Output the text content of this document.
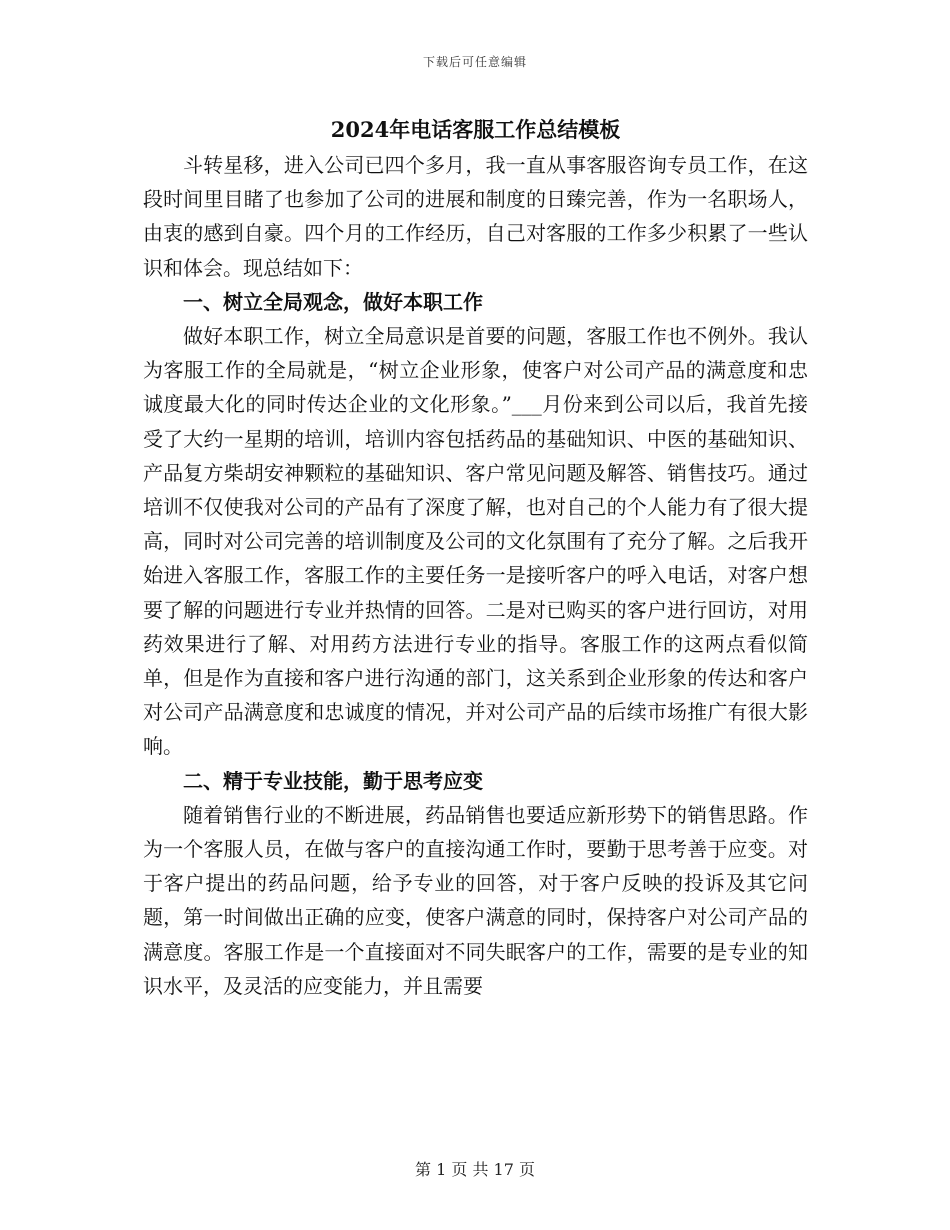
下载后可任意编辑
2024年电话客服工作总结模板

斗转星移，进入公司已四个多月，我一直从事客服咨询专员工作，在这段时间里目睹了也参加了公司的进展和制度的日臻完善，作为一名职场人，由衷的感到自豪。四个月的工作经历，自己对客服的工作多少积累了一些认识和体会。现总结如下：

一、树立全局观念，做好本职工作

做好本职工作，树立全局意识是首要的问题，客服工作也不例外。我认为客服工作的全局就是，“树立企业形象，使客户对公司产品的满意度和忠诚度最大化的同时传达企业的文化形象。”___月份来到公司以后，我首先接受了大约一星期的培训，培训内容包括药品的基础知识、中医的基础知识、产品复方柴胡安神颗粒的基础知识、客户常见问题及解答、销售技巧。通过培训不仅使我对公司的产品有了深度了解，也对自己的个人能力有了很大提高，同时对公司完善的培训制度及公司的文化氛围有了充分了解。之后我开始进入客服工作，客服工作的主要任务一是接听客户的呼入电话，对客户想要了解的问题进行专业并热情的回答。二是对已购买的客户进行回访，对用药效果进行了解、对用药方法进行专业的指导。客服工作的这两点看似简单，但是作为直接和客户进行沟通的部门，这关系到企业形象的传达和客户对公司产品满意度和忠诚度的情况，并对公司产品的后续市场推广有很大影响。

二、精于专业技能，勤于思考应变

随着销售行业的不断进展，药品销售也要适应新形势下的销售思路。作为一个客服人员，在做与客户的直接沟通工作时，要勤于思考善于应变。对于客户提出的药品问题，给予专业的回答，对于客户反映的投诉及其它问题，第一时间做出正确的应变，使客户满意的同时，保持客户对公司产品的满意度。客服工作是一个直接面对不同失眠客户的工作，需要的是专业的知识水平，及灵活的应变能力，并且需要

第 1 页 共 17 页
